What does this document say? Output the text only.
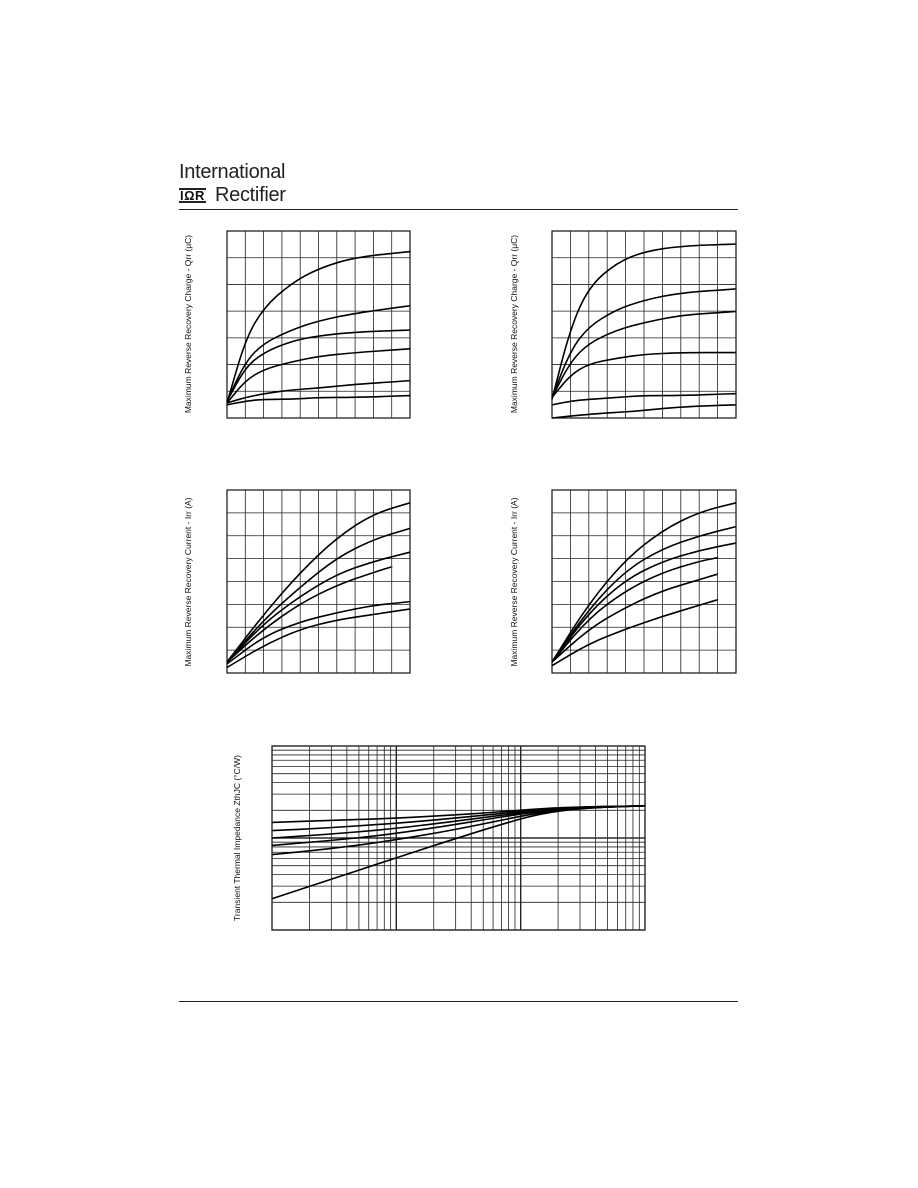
International
IΩR Rectifier
Maximum Reverse Recovery Charge - Qrr (μC)	Maximum Reverse Recovery Charge - Qrr (μC)
Maximum Reverse Recovery Current - Irr (A)	Maximum Reverse Recovery Current - Irr (A)
Transient Thermal Impedance ZthJC (°C/W)
